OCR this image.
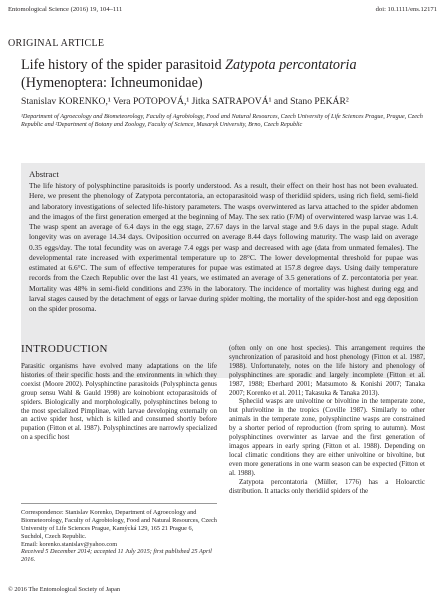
Entomological Science (2016) 19, 104–111	doi: 10.1111/ens.12171
ORIGINAL ARTICLE
Life history of the spider parasitoid Zatypota percontatoria
(Hymenoptera: Ichneumonidae)
Stanislav KORENKO,¹ Vera POTOPOVÁ,¹ Jitka SATRAPOVÁ¹ and Stano PEKÁR²
¹Department of Agroecology and Biometeorology, Faculty of Agrobiology, Food and Natural Resources, Czech University of Life Sciences Prague, Prague, Czech Republic and ²Department of Botany and Zoology, Faculty of Science, Masaryk University, Brno, Czech Republic
Abstract
The life history of polysphinctine parasitoids is poorly understood. As a result, their effect on their host has not been evaluated. Here, we present the phenology of Zatypota percontatoria, an ectoparasitoid wasp of theridiid spiders, using rich field, semi-field and laboratory investigations of selected life-history parameters. The wasps overwintered as larva attached to the spider abdomen and the imagos of the first generation emerged at the beginning of May. The sex ratio (F/M) of overwintered wasp larvae was 1.4. The wasp spent an average of 6.4 days in the egg stage, 27.67 days in the larval stage and 9.6 days in the pupal stage. Adult longevity was on average 14.34 days. Oviposition occurred on average 8.44 days following maturity. The wasp laid on average 0.35 eggs/day. The total fecundity was on average 7.4 eggs per wasp and decreased with age (data from unmated females). The developmental rate increased with experimental temperature up to 28°C. The lower developmental threshold for pupae was estimated at 6.6°C. The sum of effective temperatures for pupae was estimated at 157.8 degree days. Using daily temperature records from the Czech Republic over the last 41 years, we estimated an average of 3.5 generations of Z. percontatoria per year. Mortality was 48% in semi-field conditions and 23% in the laboratory. The incidence of mortality was highest during egg and larval stages caused by the detachment of eggs or larvae during spider molting, the mortality of the spider-host and egg deposition on the spider prosoma.
INTRODUCTION

Parasitic organisms have evolved many adaptations on the life histories of their specific hosts and the environments in which they coexist (Moore 2002). Polysphinctine parasitoids (Polysphincta genus group sensu Wahl & Gauld 1998) are koinobiont ectoparasitoids of spiders. Biologically and morphologically, polysphinctines belong to the most specialized Pimplinae, with larvae developing externally on an active spider host, which is killed and consumed shortly before pupation (Fitton et al. 1987). Polysphinctines are narrowly specialized on a specific host

(often only on one host species). This arrangement requires the synchronization of parasitoid and host phenology (Fitton et al. 1987, 1988). Unfortunately, notes on the life history and phenology of polysphinctines are sporadic and largely incomplete (Fitton et al. 1987, 1988; Eberhard 2001; Matsumoto & Konishi 2007; Tanaka 2007; Korenko et al. 2011; Takasuka & Tanaka 2013).

Spheciid wasps are univoltine or bivoltine in the temperate zone, but plurivoltine in the tropics (Coville 1987). Similarly to other animals in the temperate zone, polysphinctine wasps are constrained by a shorter period of reproduction (from spring to autumn). Most polysphinctines overwinter as larvae and the first generation of imagos appears in early spring (Fitton et al. 1988). Depending on local climatic conditions they are either univoltine or bivoltine, but even more generations in one warm season can be expected (Fitton et al. 1988).

Zatypota percontatoria (Müller, 1776) has a Holoarctic distribution. It attacks only theridiid spiders of the

Correspondence: Stanislav Korenko, Department of Agroecology and Biometeorology, Faculty of Agrobiology, Food and Natural Resources, Czech University of Life Sciences Prague, Kamýcká 129, 165 21 Prague 6, Suchdol, Czech Republic.
Email: korenko.stanislav@yahoo.com
Received 5 December 2014; accepted 11 July 2015; first published 25 April 2016.
© 2016 The Entomological Society of Japan
